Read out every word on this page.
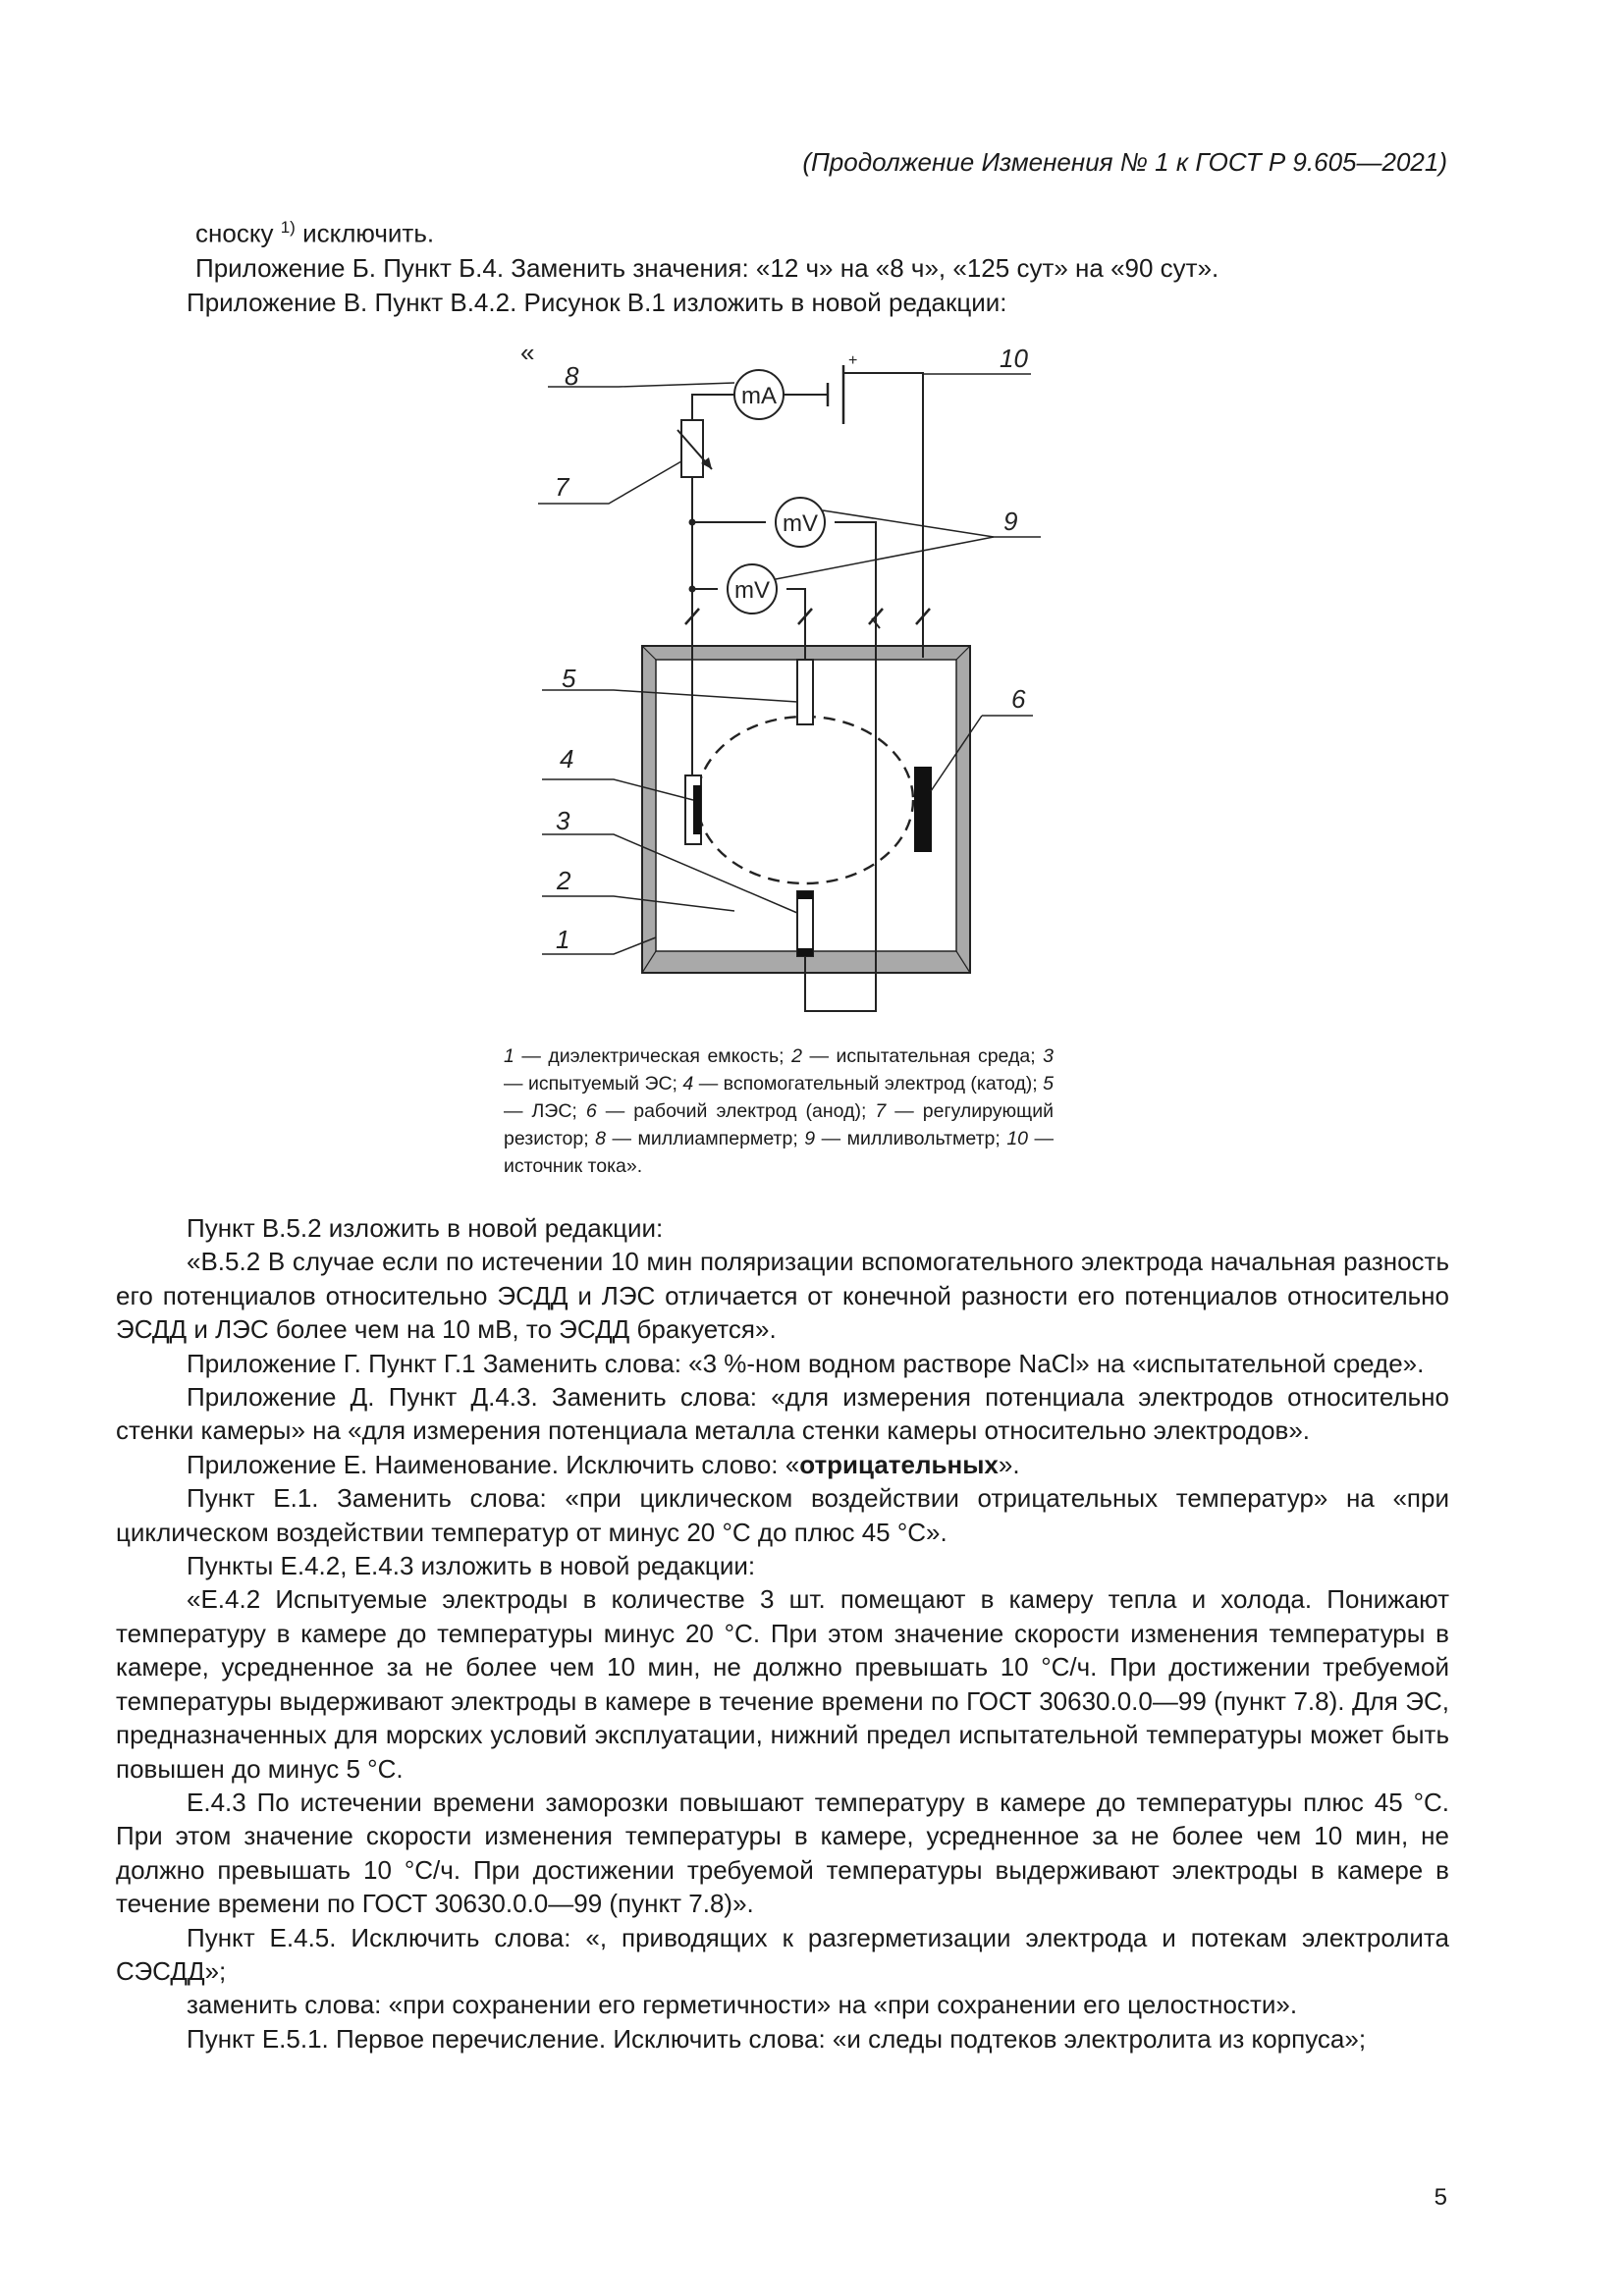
(Продолжение Изменения № 1 к ГОСТ Р 9.605—2021)

сноску $^{1)}$ исключить.

Приложение Б. Пункт Б.4. Заменить значения: «12 ч» на «8 ч», «125 сут» на «90 сут».

Приложение В. Пункт В.4.2. Рисунок В.1 изложить в новой редакции:

«	+
mA
mV
mV
8
10
7
9
5
6
4
3
2
1
1 — диэлектрическая емкость; 2 — испытательная среда; 3 — испытуемый ЭС; 4 — вспомогательный электрод (катод); 5 — ЛЭС; 6 — рабочий электрод (анод); 7 — регулирующий резистор; 8 — миллиамперметр; 9 — милливольтметр; 10 — источник тока».

Пункт В.5.2 изложить в новой редакции:

«В.5.2 В случае если по истечении 10 мин поляризации вспомогательного электрода начальная разность его потенциалов относительно ЭСДД и ЛЭС отличается от конечной разности его потенциалов относительно ЭСДД и ЛЭС более чем на 10 мВ, то ЭСДД бракуется».

Приложение Г. Пункт Г.1 Заменить слова: «3 %-ном водном растворе NaCl» на «испытательной среде».

Приложение Д. Пункт Д.4.3. Заменить слова: «для измерения потенциала электродов относительно стенки камеры» на «для измерения потенциала металла стенки камеры относительно электродов».

Приложение Е. Наименование. Исключить слово: «отрицательных».

Пункт Е.1. Заменить слова: «при циклическом воздействии отрицательных температур» на «при циклическом воздействии температур от минус 20 °С до плюс 45 °С».

Пункты Е.4.2, Е.4.3 изложить в новой редакции:

«Е.4.2 Испытуемые электроды в количестве 3 шт. помещают в камеру тепла и холода. Понижают температуру в камере до температуры минус 20 °С. При этом значение скорости изменения температуры в камере, усредненное за не более чем 10 мин, не должно превышать 10 °С/ч. При достижении требуемой температуры выдерживают электроды в камере в течение времени по ГОСТ 30630.0.0—99 (пункт 7.8). Для ЭС, предназначенных для морских условий эксплуатации, нижний предел испытательной температуры может быть повышен до минус 5 °С.

Е.4.3 По истечении времени заморозки повышают температуру в камере до температуры плюс 45 °С. При этом значение скорости изменения температуры в камере, усредненное за не более чем 10 мин, не должно превышать 10 °С/ч. При достижении требуемой температуры выдерживают электроды в камере в течение времени по ГОСТ 30630.0.0—99 (пункт 7.8)».

Пункт Е.4.5. Исключить слова: «, приводящих к разгерметизации электрода и потекам электролита СЭСДД»;

заменить слова: «при сохранении его герметичности» на «при сохранении его целостности».

Пункт Е.5.1. Первое перечисление. Исключить слова: «и следы подтеков электролита из корпуса»;

5
